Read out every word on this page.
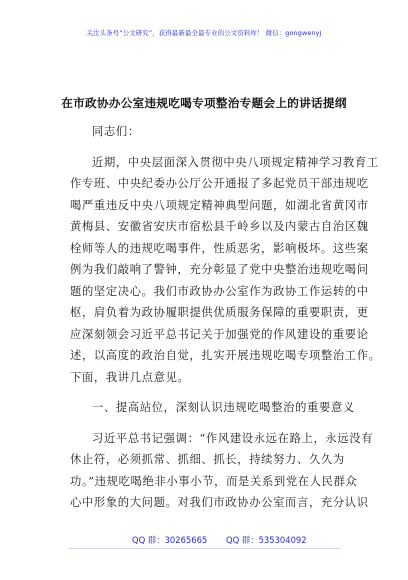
关注头条号“公文研究”，获得最新最全最专业的公文资料库！ 微信：gongwenyj
在市政协办公室违规吃喝专项整治专题会上的讲话提纲
同志们：
近期，中央层面深入贯彻中央八项规定精神学习教育工
作专班、中央纪委办公厅公开通报了多起党员干部违规吃
喝严重违反中央八项规定精神典型问题，如湖北省黄冈市
黄梅县、安徽省安庆市宿松县千岭乡以及内蒙古自治区魏
栓师等人的违规吃喝事件，性质恶劣，影响极坏。这些案
例为我们敲响了警钟，充分彰显了党中央整治违规吃喝问
题的坚定决心。我们市政协办公室作为政协工作运转的中
枢，肩负着为政协履职提供优质服务保障的重要职责，更
应深刻领会习近平总书记关于加强党的作风建设的重要论
述，以高度的政治自觉，扎实开展违规吃喝专项整治工作。
下面，我讲几点意见。
一、提高站位，深刻认识违规吃喝整治的重要意义
习近平总书记强调：“作风建设永远在路上，永远没有
休止符，必须抓常、抓细、抓长，持续努力、久久为
功。”违规吃喝绝非小事小节，而是关系到党在人民群众
心中形象的大问题。对我们市政协办公室而言，充分认识
QQ 群：30265665 QQ 群：535304092
